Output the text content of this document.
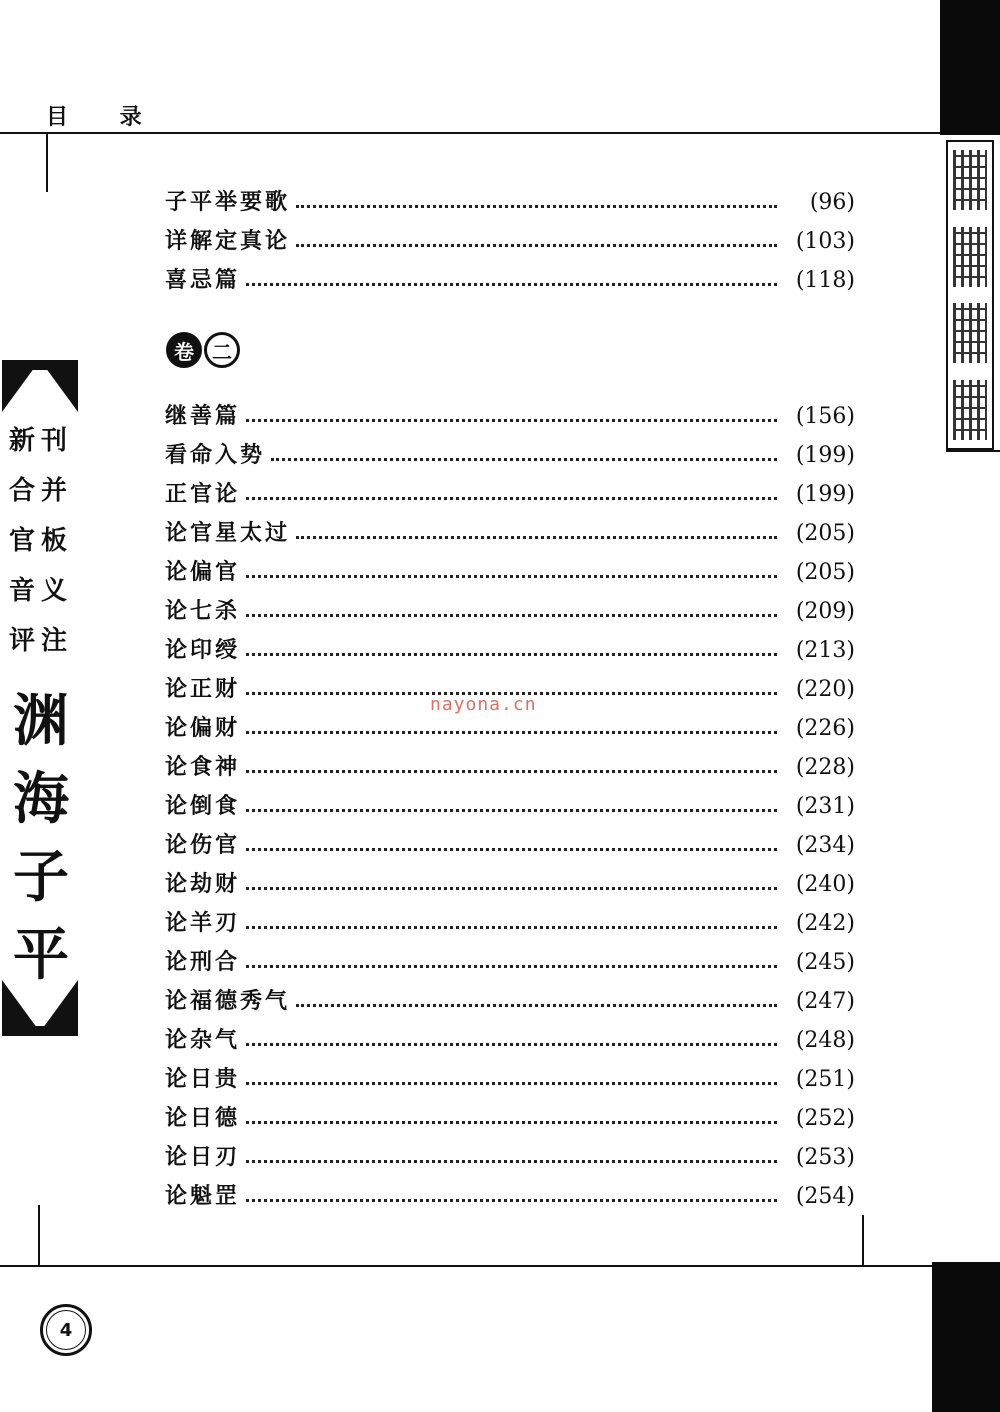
目 录
新刊
合并
官板
音义
评注
渊
海
子
平
子平举要歌	(96)
详解定真论	(103)
喜忌篇	(118)
卷 二
继善篇	(156)
看命入势	(199)
正官论	(199)
论官星太过	(205)
论偏官	(205)
论七杀	(209)
论印绶	(213)
论正财	(220)
论偏财	(226)
论食神	(228)
论倒食	(231)
论伤官	(234)
论劫财	(240)
论羊刃	(242)
论刑合	(245)
论福德秀气	(247)
论杂气	(248)
论日贵	(251)
论日德	(252)
论日刃	(253)
论魁罡	(254)
nayona.cn
4
